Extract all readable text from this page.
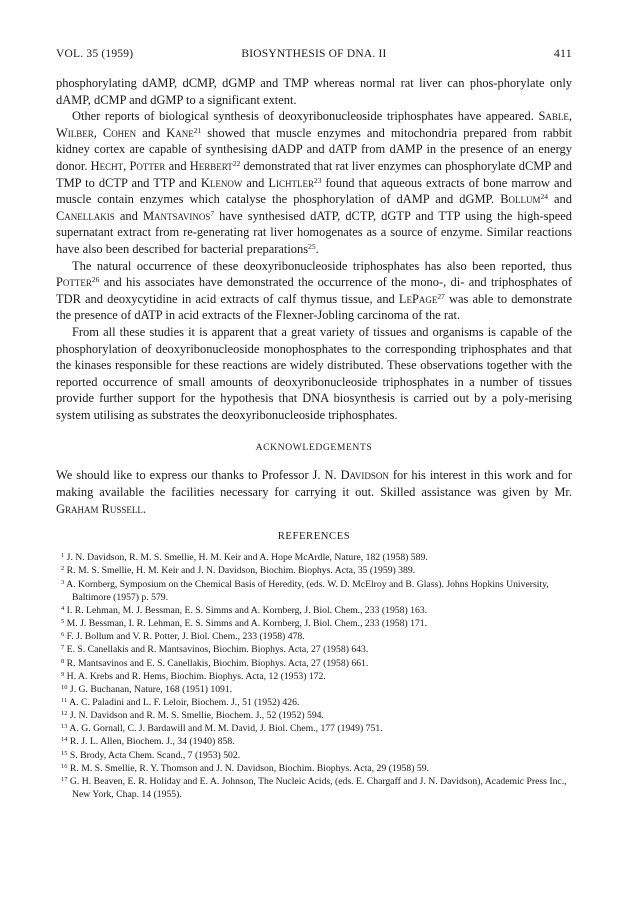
VOL. 35 (1959)	BIOSYNTHESIS OF DNA. II	411

phosphorylating dAMP, dCMP, dGMP and TMP whereas normal rat liver can phos-phorylate only dAMP, dCMP and dGMP to a significant extent.

Other reports of biological synthesis of deoxyribonucleoside triphosphates have appeared. Sable, Wilber, Cohen and Kane$^{21}$ showed that muscle enzymes and mitochondria prepared from rabbit kidney cortex are capable of synthesising dADP and dATP from dAMP in the presence of an energy donor. Hecht, Potter and Herbert$^{22}$ demonstrated that rat liver enzymes can phosphorylate dCMP and TMP to dCTP and TTP and Klenow and Lichtler$^{23}$ found that aqueous extracts of bone marrow and muscle contain enzymes which catalyse the phosphorylation of dAMP and dGMP. Bollum$^{24}$ and Canellakis and Mantsavinos$^7$ have synthesised dATP, dCTP, dGTP and TTP using the high-speed supernatant extract from re-generating rat liver homogenates as a source of enzyme. Similar reactions have also been described for bacterial preparations$^{25}$.

The natural occurrence of these deoxyribonucleoside triphosphates has also been reported, thus Potter$^{26}$ and his associates have demonstrated the occurrence of the mono-, di- and triphosphates of TDR and deoxycytidine in acid extracts of calf thymus tissue, and LePage$^{27}$ was able to demonstrate the presence of dATP in acid extracts of the Flexner-Jobling carcinoma of the rat.

From all these studies it is apparent that a great variety of tissues and organisms is capable of the phosphorylation of deoxyribonucleoside monophosphates to the corresponding triphosphates and that the kinases responsible for these reactions are widely distributed. These observations together with the reported occurrence of small amounts of deoxyribonucleoside triphosphates in a number of tissues provide further support for the hypothesis that DNA biosynthesis is carried out by a poly-merising system utilising as substrates the deoxyribonucleoside triphosphates.

ACKNOWLEDGEMENTS

We should like to express our thanks to Professor J. N. Davidson for his interest in this work and for making available the facilities necessary for carrying it out. Skilled assistance was given by Mr. Graham Russell.

REFERENCES
$^1$ J. N. Davidson, R. M. S. Smellie, H. M. Keir and A. Hope McArdle, Nature, 182 (1958) 589.
$^2$ R. M. S. Smellie, H. M. Keir and J. N. Davidson, Biochim. Biophys. Acta, 35 (1959) 389.
$^3$ A. Kornberg, Symposium on the Chemical Basis of Heredity, (eds. W. D. McElroy and B. Glass). Johns Hopkins University, Baltimore (1957) p. 579.
$^4$ I. R. Lehman, M. J. Bessman, E. S. Simms and A. Kornberg, J. Biol. Chem., 233 (1958) 163.
$^5$ M. J. Bessman, I. R. Lehman, E. S. Simms and A. Kornberg, J. Biol. Chem., 233 (1958) 171.
$^6$ F. J. Bollum and V. R. Potter, J. Biol. Chem., 233 (1958) 478.
$^7$ E. S. Canellakis and R. Mantsavinos, Biochim. Biophys. Acta, 27 (1958) 643.
$^8$ R. Mantsavinos and E. S. Canellakis, Biochim. Biophys. Acta, 27 (1958) 661.
$^9$ H. A. Krebs and R. Hems, Biochim. Biophys. Acta, 12 (1953) 172.
$^{10}$ J. G. Buchanan, Nature, 168 (1951) 1091.
$^{11}$ A. C. Paladini and L. F. Leloir, Biochem. J., 51 (1952) 426.
$^{12}$ J. N. Davidson and R. M. S. Smellie, Biochem. J., 52 (1952) 594.
$^{13}$ A. G. Gornall, C. J. Bardawill and M. M. David, J. Biol. Chem., 177 (1949) 751.
$^{14}$ R. J. L. Allen, Biochem. J., 34 (1940) 858.
$^{15}$ S. Brody, Acta Chem. Scand., 7 (1953) 502.
$^{16}$ R. M. S. Smellie, R. Y. Thomson and J. N. Davidson, Biochim. Biophys. Acta, 29 (1958) 59.
$^{17}$ G. H. Beaven, E. R. Holiday and E. A. Johnson, The Nucleic Acids, (eds. E. Chargaff and J. N. Davidson), Academic Press Inc., New York, Chap. 14 (1955).
